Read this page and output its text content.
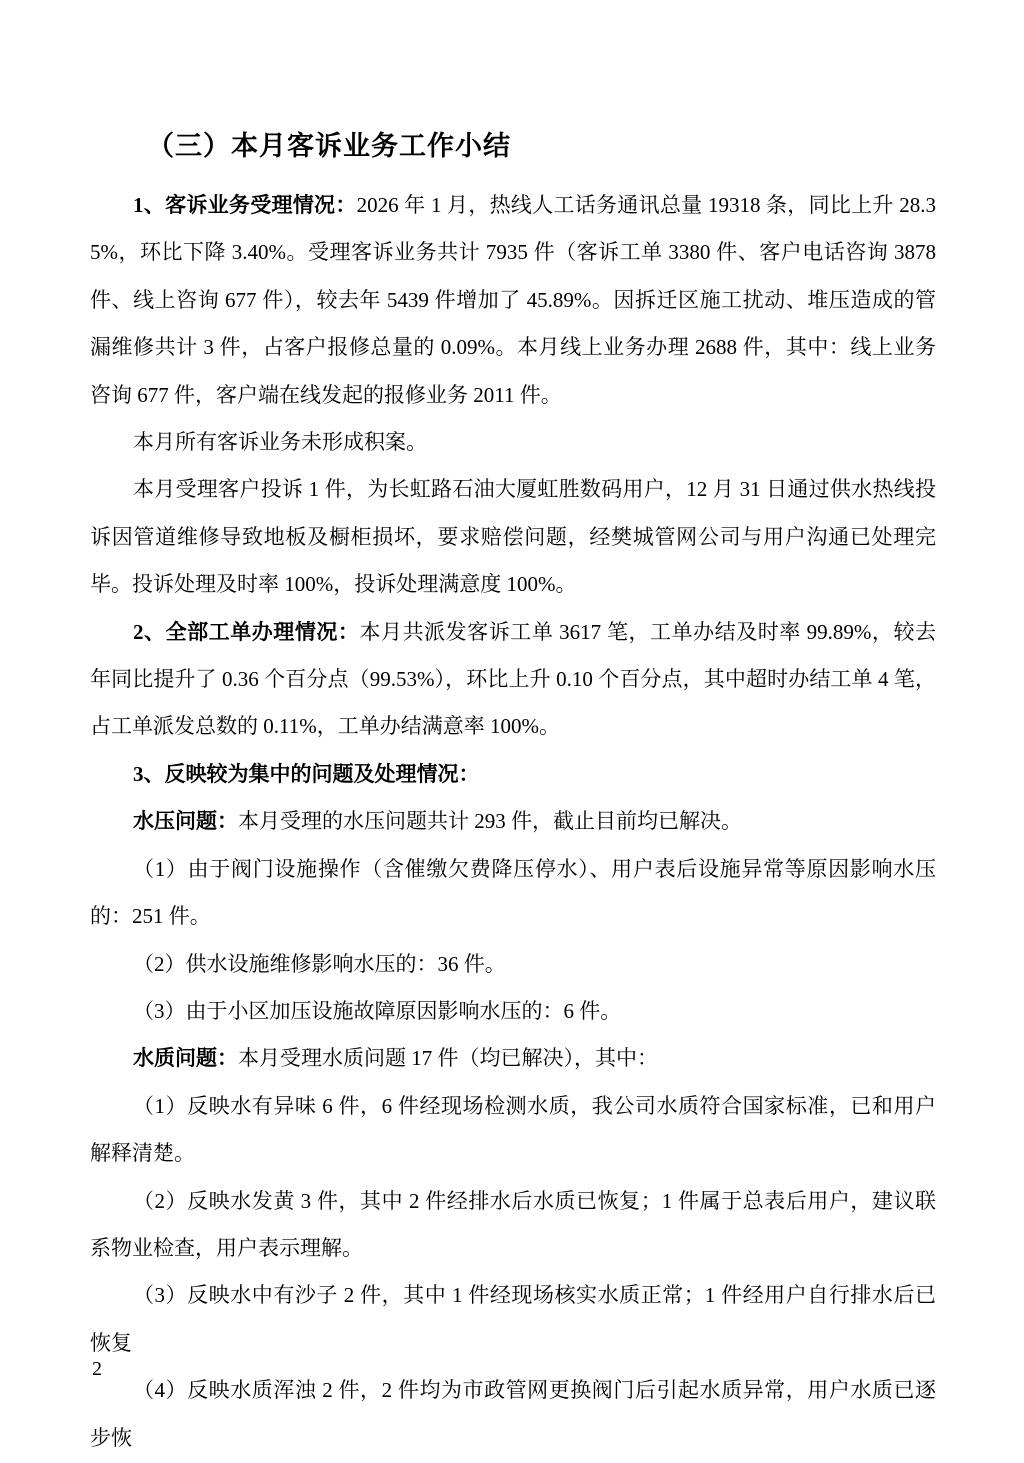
（三）本月客诉业务工作小结

1、客诉业务受理情况：2026 年 1 月，热线人工话务通讯总量 19318 条，同比上升 28.35%，环比下降 3.40%。受理客诉业务共计 7935 件（客诉工单 3380 件、客户电话咨询 3878 件、线上咨询 677 件），较去年 5439 件增加了 45.89%。因拆迁区施工扰动、堆压造成的管漏维修共计 3 件，占客户报修总量的 0.09%。本月线上业务办理 2688 件，其中：线上业务咨询 677 件，客户端在线发起的报修业务 2011 件。

本月所有客诉业务未形成积案。

本月受理客户投诉 1 件，为长虹路石油大厦虹胜数码用户，12 月 31 日通过供水热线投诉因管道维修导致地板及橱柜损坏，要求赔偿问题，经樊城管网公司与用户沟通已处理完毕。投诉处理及时率 100%，投诉处理满意度 100%。

2、全部工单办理情况：本月共派发客诉工单 3617 笔，工单办结及时率 99.89%，较去年同比提升了 0.36 个百分点（99.53%），环比上升 0.10 个百分点，其中超时办结工单 4 笔，占工单派发总数的 0.11%，工单办结满意率 100%。

3、反映较为集中的问题及处理情况：

水压问题：本月受理的水压问题共计 293 件，截止目前均已解决。

（1）由于阀门设施操作（含催缴欠费降压停水）、用户表后设施异常等原因影响水压的：251 件。

（2）供水设施维修影响水压的：36 件。

（3）由于小区加压设施故障原因影响水压的：6 件。

水质问题：本月受理水质问题 17 件（均已解决），其中：

（1）反映水有异味 6 件，6 件经现场检测水质，我公司水质符合国家标准，已和用户解释清楚。

（2）反映水发黄 3 件，其中 2 件经排水后水质已恢复；1 件属于总表后用户，建议联系物业检查，用户表示理解。

（3）反映水中有沙子 2 件，其中 1 件经现场核实水质正常；1 件经用户自行排水后已恢复

（4）反映水质浑浊 2 件，2 件均为市政管网更换阀门后引起水质异常，用户水质已逐步恢

2
